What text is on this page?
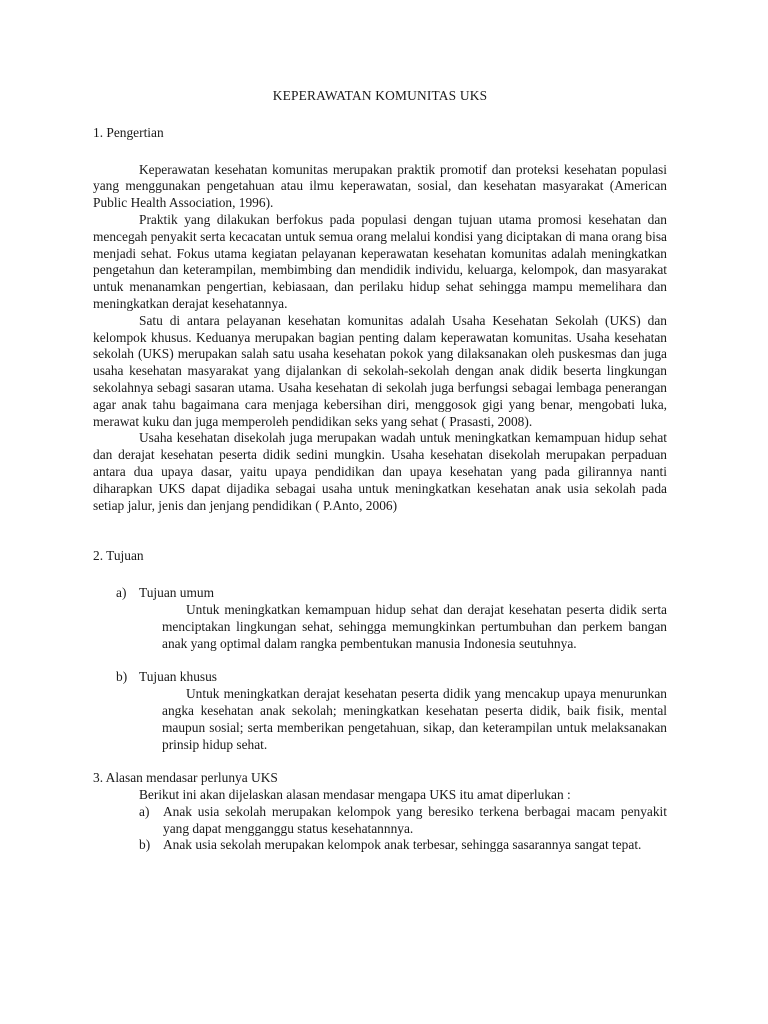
KEPERAWATAN KOMUNITAS UKS
1. Pengertian

Keperawatan kesehatan komunitas merupakan praktik promotif dan proteksi kesehatan populasi yang menggunakan pengetahuan atau ilmu keperawatan, sosial, dan kesehatan masyarakat (American Public Health Association, 1996).

Praktik yang dilakukan berfokus pada populasi dengan tujuan utama promosi kesehatan dan mencegah penyakit serta kecacatan untuk semua orang melalui kondisi yang diciptakan di mana orang bisa menjadi sehat. Fokus utama kegiatan pelayanan keperawatan kesehatan komunitas adalah meningkatkan pengetahun dan keterampilan, membimbing dan mendidik individu, keluarga, kelompok, dan masyarakat untuk menanamkan pengertian, kebiasaan, dan perilaku hidup sehat sehingga mampu memelihara dan meningkatkan derajat kesehatannya.

Satu di antara pelayanan kesehatan komunitas adalah Usaha Kesehatan Sekolah (UKS) dan kelompok khusus. Keduanya merupakan bagian penting dalam keperawatan komunitas. Usaha kesehatan sekolah (UKS) merupakan salah satu usaha kesehatan pokok yang dilaksanakan oleh puskesmas dan juga usaha kesehatan masyarakat yang dijalankan di sekolah-sekolah dengan anak didik beserta lingkungan sekolahnya sebagi sasaran utama. Usaha kesehatan di sekolah juga berfungsi sebagai lembaga penerangan agar anak tahu bagaimana cara menjaga kebersihan diri, menggosok gigi yang benar, mengobati luka, merawat kuku dan juga memperoleh pendidikan seks yang sehat ( Prasasti, 2008).

Usaha kesehatan disekolah juga merupakan wadah untuk meningkatkan kemampuan hidup sehat dan derajat kesehatan peserta didik sedini mungkin. Usaha kesehatan disekolah merupakan perpaduan antara dua upaya dasar, yaitu upaya pendidikan dan upaya kesehatan yang pada gilirannya nanti diharapkan UKS dapat dijadika sebagai usaha untuk meningkatkan kesehatan anak usia sekolah pada setiap jalur, jenis dan jenjang pendidikan ( P.Anto, 2006)

2. Tujuan
a) Tujuan umum

Untuk meningkatkan kemampuan hidup sehat dan derajat kesehatan peserta didik serta menciptakan lingkungan sehat, sehingga memungkinkan pertumbuhan dan perkem bangan anak yang optimal dalam rangka pembentukan manusia Indonesia seutuhnya.

b) Tujuan khusus

Untuk meningkatkan derajat kesehatan peserta didik yang mencakup upaya menurunkan angka kesehatan anak sekolah; meningkatkan kesehatan peserta didik, baik fisik, mental maupun sosial; serta memberikan pengetahuan, sikap, dan keterampilan untuk melaksanakan prinsip hidup sehat.

3. Alasan mendasar perlunya UKS
Berikut ini akan dijelaskan alasan mendasar mengapa UKS itu amat diperlukan :
a)	Anak usia sekolah merupakan kelompok yang beresiko terkena berbagai macam penyakit yang dapat mengganggu status kesehatannnya.
b) Anak usia sekolah merupakan kelompok anak terbesar, sehingga sasarannya sangat tepat.
